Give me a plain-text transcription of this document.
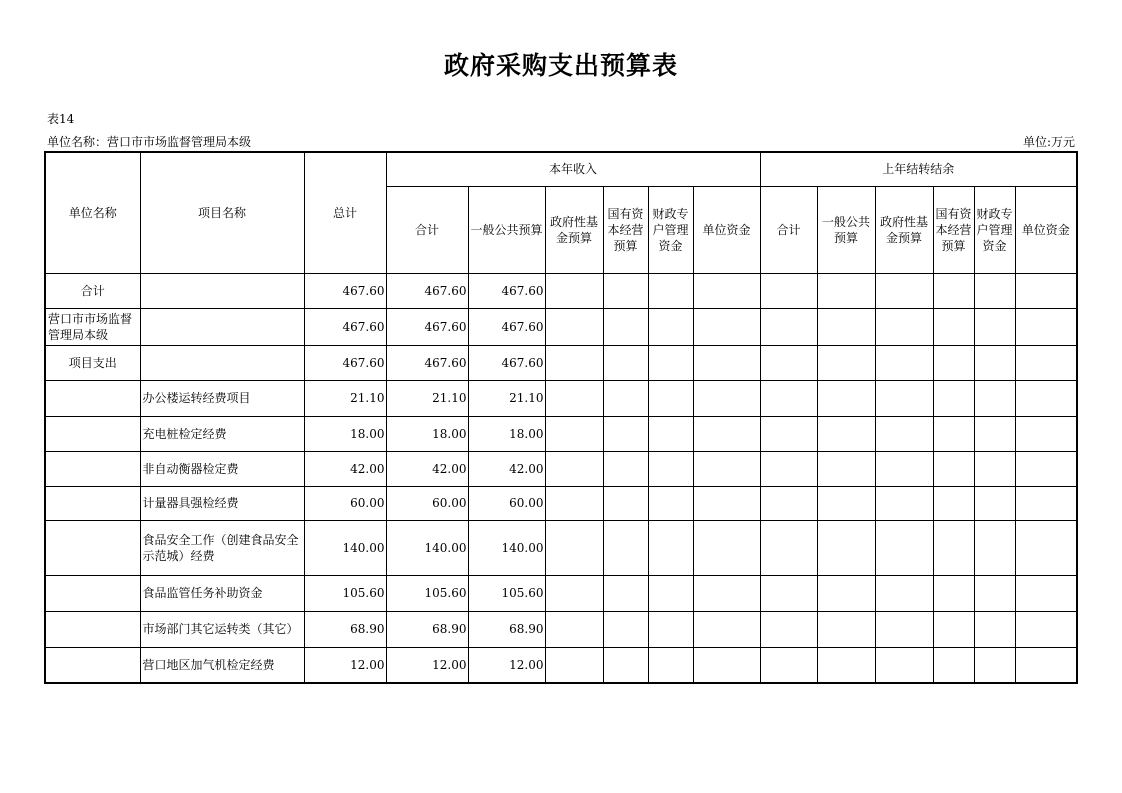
政府采购支出预算表
表14
单位名称：营口市市场监督管理局本级	单位:万元
单位名称	项目名称	总计	本年收入						上年结转结余					
			合计	一般公共预算	政府性基金预算	国有资本经营预算	财政专户管理资金	单位资金	合计	一般公共预算	政府性基金预算	国有资本经营预算	财政专户管理资金	单位资金
合计		467.60	467.60	467.60										
营口市市场监督管理局本级		467.60	467.60	467.60										
项目支出		467.60	467.60	467.60										
	办公楼运转经费项目	21.10	21.10	21.10										
	充电桩检定经费	18.00	18.00	18.00										
	非自动衡器检定费	42.00	42.00	42.00										
	计量器具强检经费	60.00	60.00	60.00										
	食品安全工作（创建食品安全示范城）经费	140.00	140.00	140.00										
	食品监管任务补助资金	105.60	105.60	105.60										
	市场部门其它运转类（其它）	68.90	68.90	68.90										
	营口地区加气机检定经费	12.00	12.00	12.00										
